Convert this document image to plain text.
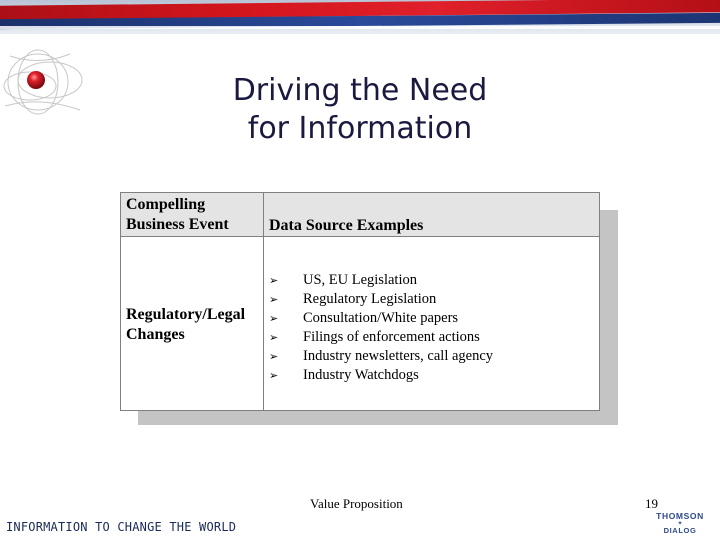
Driving the Need
for Information
Compelling Business Event	Data Source Examples
Regulatory/Legal Changes
➢ US, EU Legislation
➢ Regulatory Legislation
➢ Consultation/White papers
➢ Filings of enforcement actions
➢ Industry newsletters, call agency
➢ Industry Watchdogs
Value Proposition	19
INFORMATION TO CHANGE THE WORLD
THOMSON
✦
DIALOG
